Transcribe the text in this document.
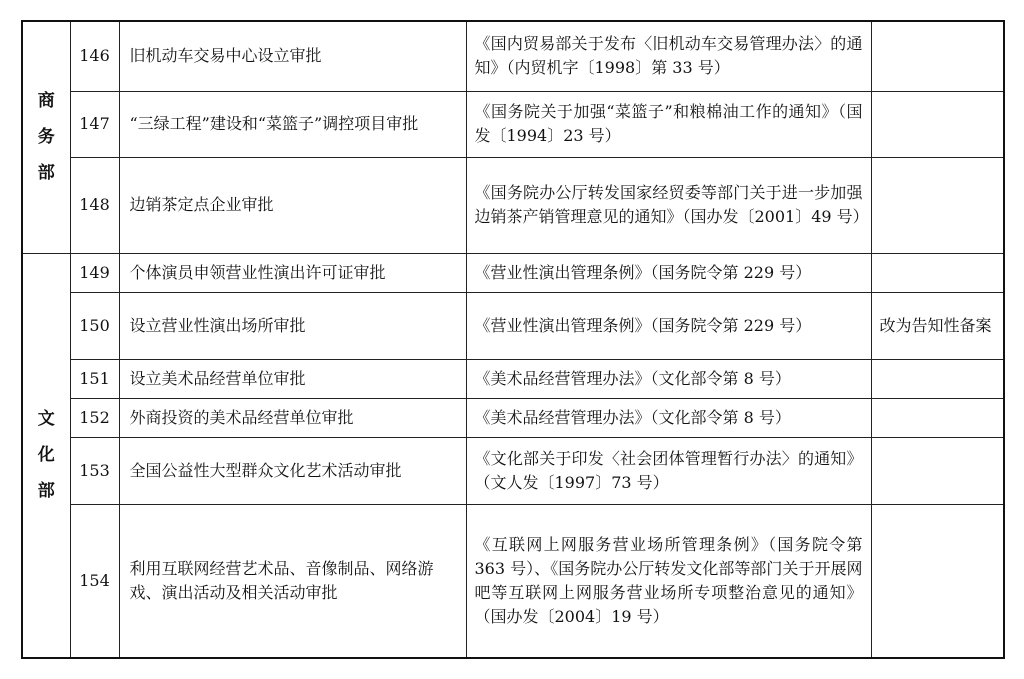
商
务
部	146	旧机动车交易中心设立审批	《国内贸易部关于发布〈旧机动车交易管理办法〉的通知》（内贸机字〔1998〕第 33 号）	
	147	“三绿工程”建设和“菜篮子”调控项目审批	《国务院关于加强“菜篮子”和粮棉油工作的通知》（国发〔1994〕23 号）	
	148	边销茶定点企业审批	《国务院办公厅转发国家经贸委等部门关于进一步加强边销茶产销管理意见的通知》（国办发〔2001〕49 号）	

文
化
部	149	个体演员申领营业性演出许可证审批	《营业性演出管理条例》（国务院令第 229 号）	
	150	设立营业性演出场所审批	《营业性演出管理条例》（国务院令第 229 号）	改为告知性备案
	151	设立美术品经营单位审批	《美术品经营管理办法》（文化部令第 8 号）	
	152	外商投资的美术品经营单位审批	《美术品经营管理办法》（文化部令第 8 号）	
	153	全国公益性大型群众文化艺术活动审批	《文化部关于印发〈社会团体管理暂行办法〉的通知》（文人发〔1997〕73 号）	
	154	利用互联网经营艺术品、音像制品、网络游戏、演出活动及相关活动审批	《互联网上网服务营业场所管理条例》（国务院令第 363 号）、《国务院办公厅转发文化部等部门关于开展网吧等互联网上网服务营业场所专项整治意见的通知》（国办发〔2004〕19 号）	
